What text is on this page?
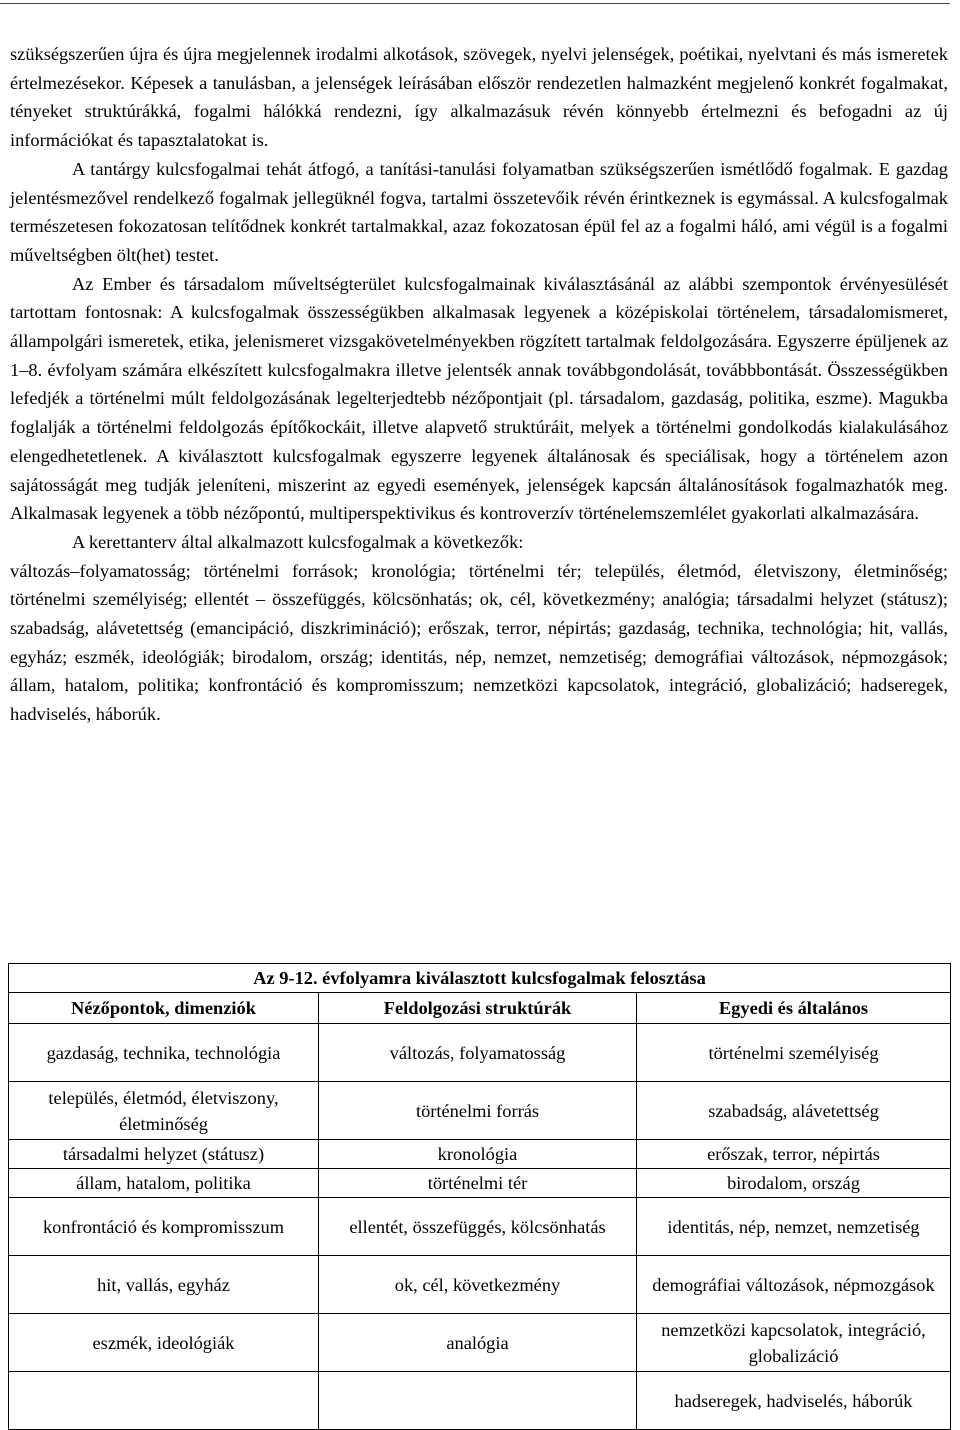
szükségszerűen újra és újra megjelennek irodalmi alkotások, szövegek, nyelvi jelenségek, poétikai, nyelvtani és más ismeretek értelmezésekor. Képesek a tanulásban, a jelenségek leírásában először rendezetlen halmazként megjelenő konkrét fogalmakat, tényeket struktúrákká, fogalmi hálókká rendezni, így alkalmazásuk révén könnyebb értelmezni és befogadni az új információkat és tapasztalatokat is.

A tantárgy kulcsfogalmai tehát átfogó, a tanítási-tanulási folyamatban szükségszerűen ismétlődő fogalmak. E gazdag jelentésmezővel rendelkező fogalmak jellegüknél fogva, tartalmi összetevőik révén érintkeznek is egymással. A kulcsfogalmak természetesen fokozatosan telítődnek konkrét tartalmakkal, azaz fokozatosan épül fel az a fogalmi háló, ami végül is a fogalmi műveltségben ölt(het) testet.

Az Ember és társadalom műveltségterület kulcsfogalmainak kiválasztásánál az alábbi szempontok érvényesülését tartottam fontosnak: A kulcsfogalmak összességükben alkalmasak legyenek a középiskolai történelem, társadalomismeret, állampolgári ismeretek, etika, jelenismeret vizsgakövetelményekben rögzített tartalmak feldolgozására. Egyszerre épüljenek az 1–8. évfolyam számára elkészített kulcsfogalmakra illetve jelentsék annak továbbgondolását, továbbbontását. Összességükben lefedjék a történelmi múlt feldolgozásának legelterjedtebb nézőpontjait (pl. társadalom, gazdaság, politika, eszme). Magukba foglalják a történelmi feldolgozás építőkockáit, illetve alapvető struktúráit, melyek a történelmi gondolkodás kialakulásához elengedhetetlenek. A kiválasztott kulcsfogalmak egyszerre legyenek általánosak és speciálisak, hogy a történelem azon sajátosságát meg tudják jeleníteni, miszerint az egyedi események, jelenségek kapcsán általánosítások fogalmazhatók meg. Alkalmasak legyenek a több nézőpontú, multiperspektivikus és kontroverzív történelemszemlélet gyakorlati alkalmazására.

A kerettanterv által alkalmazott kulcsfogalmak a következők:

változás–folyamatosság; történelmi források; kronológia; történelmi tér; település, életmód, életviszony, életminőség; történelmi személyiség; ellentét – összefüggés, kölcsönhatás; ok, cél, következmény; analógia; társadalmi helyzet (státusz); szabadság, alávetettség (emancipáció, diszkrimináció); erőszak, terror, népirtás; gazdaság, technika, technológia; hit, vallás, egyház; eszmék, ideológiák; birodalom, ország; identitás, nép, nemzet, nemzetiség; demográfiai változások, népmozgások; állam, hatalom, politika; konfrontáció és kompromisszum; nemzetközi kapcsolatok, integráció, globalizáció; hadseregek, hadviselés, háborúk.

Az 9-12. évfolyamra kiválasztott kulcsfogalmak felosztása		
Nézőpontok, dimenziók	Feldolgozási struktúrák	Egyedi és általános
gazdaság, technika, technológia	változás, folyamatosság	történelmi személyiség
település, életmód, életviszony, életminőség	történelmi forrás	szabadság, alávetettség
társadalmi helyzet (státusz)	kronológia	erőszak, terror, népirtás
állam, hatalom, politika	történelmi tér	birodalom, ország
konfrontáció és kompromisszum	ellentét, összefüggés, kölcsönhatás	identitás, nép, nemzet, nemzetiség
hit, vallás, egyház	ok, cél, következmény	demográfiai változások, népmozgások
eszmék, ideológiák	analógia	nemzetközi kapcsolatok, integráció, globalizáció
		hadseregek, hadviselés, háborúk
